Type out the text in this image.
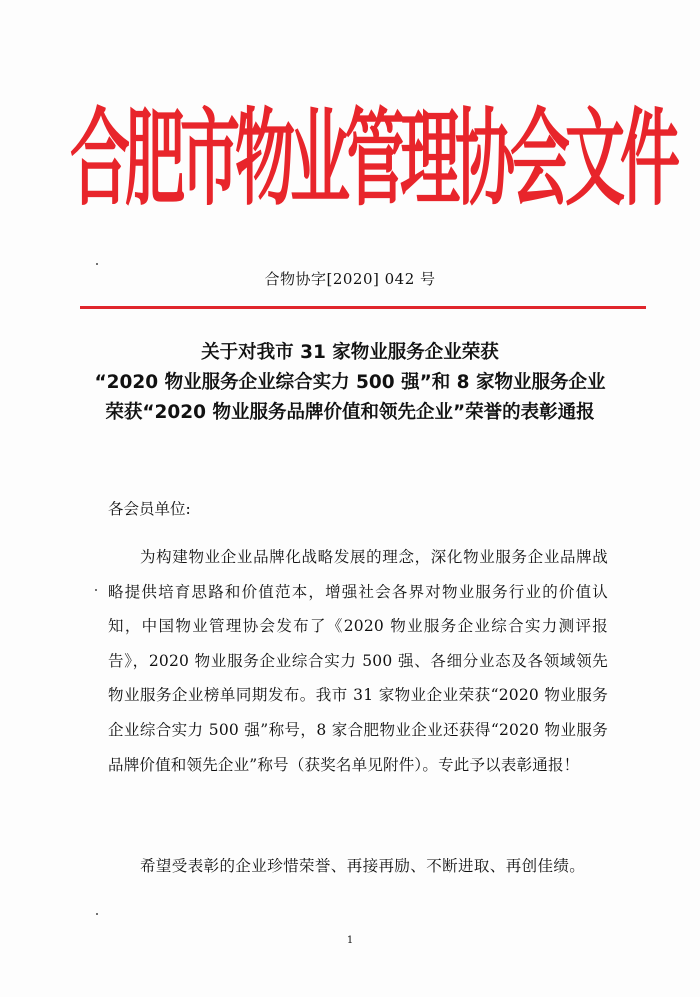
合肥市物业管理协会文件
合物协字[2020] 042 号
关于对我市 31 家物业服务企业荣获
“2020 物业服务企业综合实力 500 强”和 8 家物业服务企业
荣获“2020 物业服务品牌价值和领先企业”荣誉的表彰通报
各会员单位:
为构建物业企业品牌化战略发展的理念，深化物业服务企业品牌战略提供培育思路和价值范本，增强社会各界对物业服务行业的价值认知，中国物业管理协会发布了《2020 物业服务企业综合实力测评报告》，2020 物业服务企业综合实力 500 强、各细分业态及各领域领先物业服务企业榜单同期发布。我市 31 家物业企业荣获“2020 物业服务企业综合实力 500 强”称号，8 家合肥物业企业还获得“2020 物业服务品牌价值和领先企业”称号（获奖名单见附件）。专此予以表彰通报！
希望受表彰的企业珍惜荣誉、再接再励、不断进取、再创佳绩。
1
